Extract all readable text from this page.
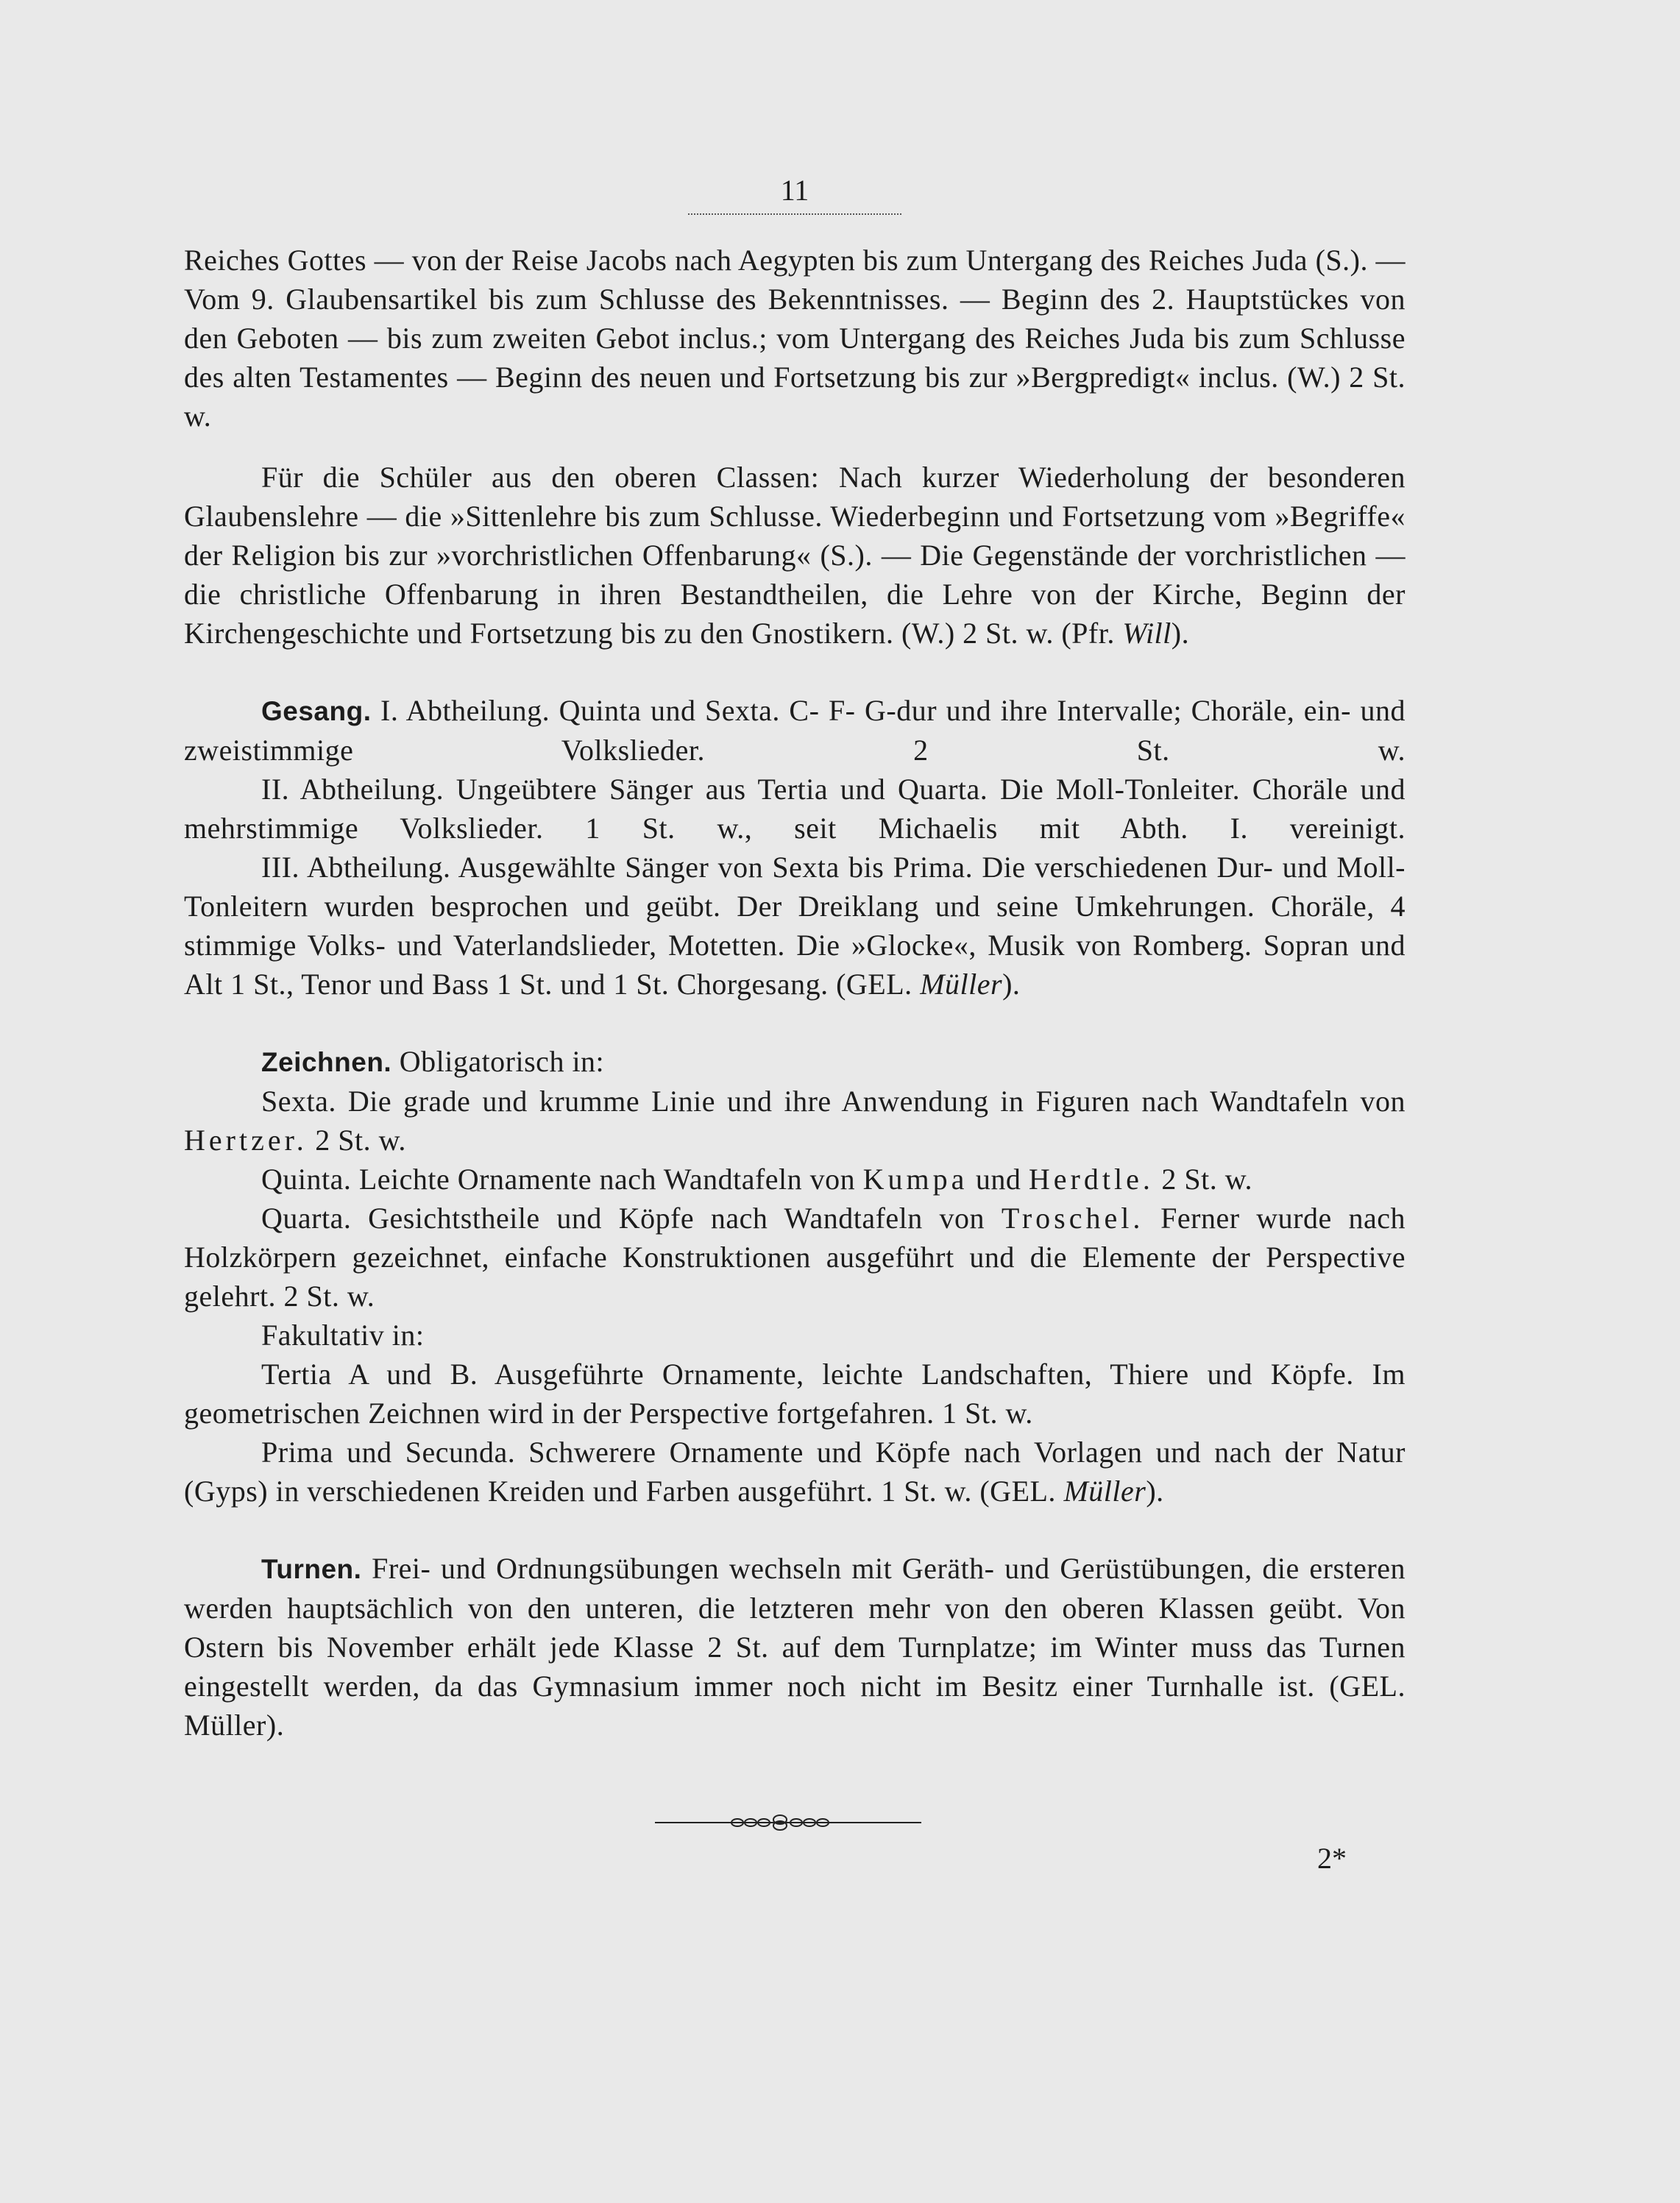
11

Reiches Gottes — von der Reise Jacobs nach Aegypten bis zum Untergang des Reiches Juda (S.). — Vom 9. Glaubensartikel bis zum Schlusse des Bekenntnisses. — Beginn des 2. Hauptstückes von den Geboten — bis zum zweiten Gebot inclus.; vom Untergang des Reiches Juda bis zum Schlusse des alten Testamentes — Beginn des neuen und Fortsetzung bis zur »Bergpredigt« inclus. (W.) 2 St. w.

Für die Schüler aus den oberen Classen: Nach kurzer Wiederholung der besonderen Glaubenslehre — die »Sittenlehre bis zum Schlusse. Wiederbeginn und Fortsetzung vom »Begriffe« der Religion bis zur »vorchristlichen Offenbarung« (S.). — Die Gegenstände der vorchristlichen — die christliche Offenbarung in ihren Bestandtheilen, die Lehre von der Kirche, Beginn der Kirchengeschichte und Fortsetzung bis zu den Gnostikern. (W.) 2 St. w. (Pfr. Will).

Gesang. I. Abtheilung. Quinta und Sexta. C- F- G-dur und ihre Intervalle; Choräle, ein- und zweistimmige Volkslieder. 2 St. w.

II. Abtheilung. Ungeübtere Sänger aus Tertia und Quarta. Die Moll-Tonleiter. Choräle und mehrstimmige Volkslieder. 1 St. w., seit Michaelis mit Abth. I. vereinigt.

III. Abtheilung. Ausgewählte Sänger von Sexta bis Prima. Die verschiedenen Dur- und Moll-Tonleitern wurden besprochen und geübt. Der Dreiklang und seine Umkehrungen. Choräle, 4 stimmige Volks- und Vaterlandslieder, Motetten. Die »Glocke«, Musik von Romberg. Sopran und Alt 1 St., Tenor und Bass 1 St. und 1 St. Chorgesang. (GEL. Müller).

Zeichnen. Obligatorisch in:

Sexta. Die grade und krumme Linie und ihre Anwendung in Figuren nach Wandtafeln von Hertzer. 2 St. w.

Quinta. Leichte Ornamente nach Wandtafeln von Kumpa und Herdtle. 2 St. w.

Quarta. Gesichtstheile und Köpfe nach Wandtafeln von Troschel. Ferner wurde nach Holzkörpern gezeichnet, einfache Konstruktionen ausgeführt und die Elemente der Perspective gelehrt. 2 St. w.

Fakultativ in:

Tertia A und B. Ausgeführte Ornamente, leichte Landschaften, Thiere und Köpfe. Im geometrischen Zeichnen wird in der Perspective fortgefahren. 1 St. w.

Prima und Secunda. Schwerere Ornamente und Köpfe nach Vorlagen und nach der Natur (Gyps) in verschiedenen Kreiden und Farben ausgeführt. 1 St. w. (GEL. Müller).

Turnen. Frei- und Ordnungsübungen wechseln mit Geräth- und Gerüstübungen, die ersteren werden hauptsächlich von den unteren, die letzteren mehr von den oberen Klassen geübt. Von Ostern bis November erhält jede Klasse 2 St. auf dem Turnplatze; im Winter muss das Turnen eingestellt werden, da das Gymnasium immer noch nicht im Besitz einer Turnhalle ist. (GEL. Müller).

2*
